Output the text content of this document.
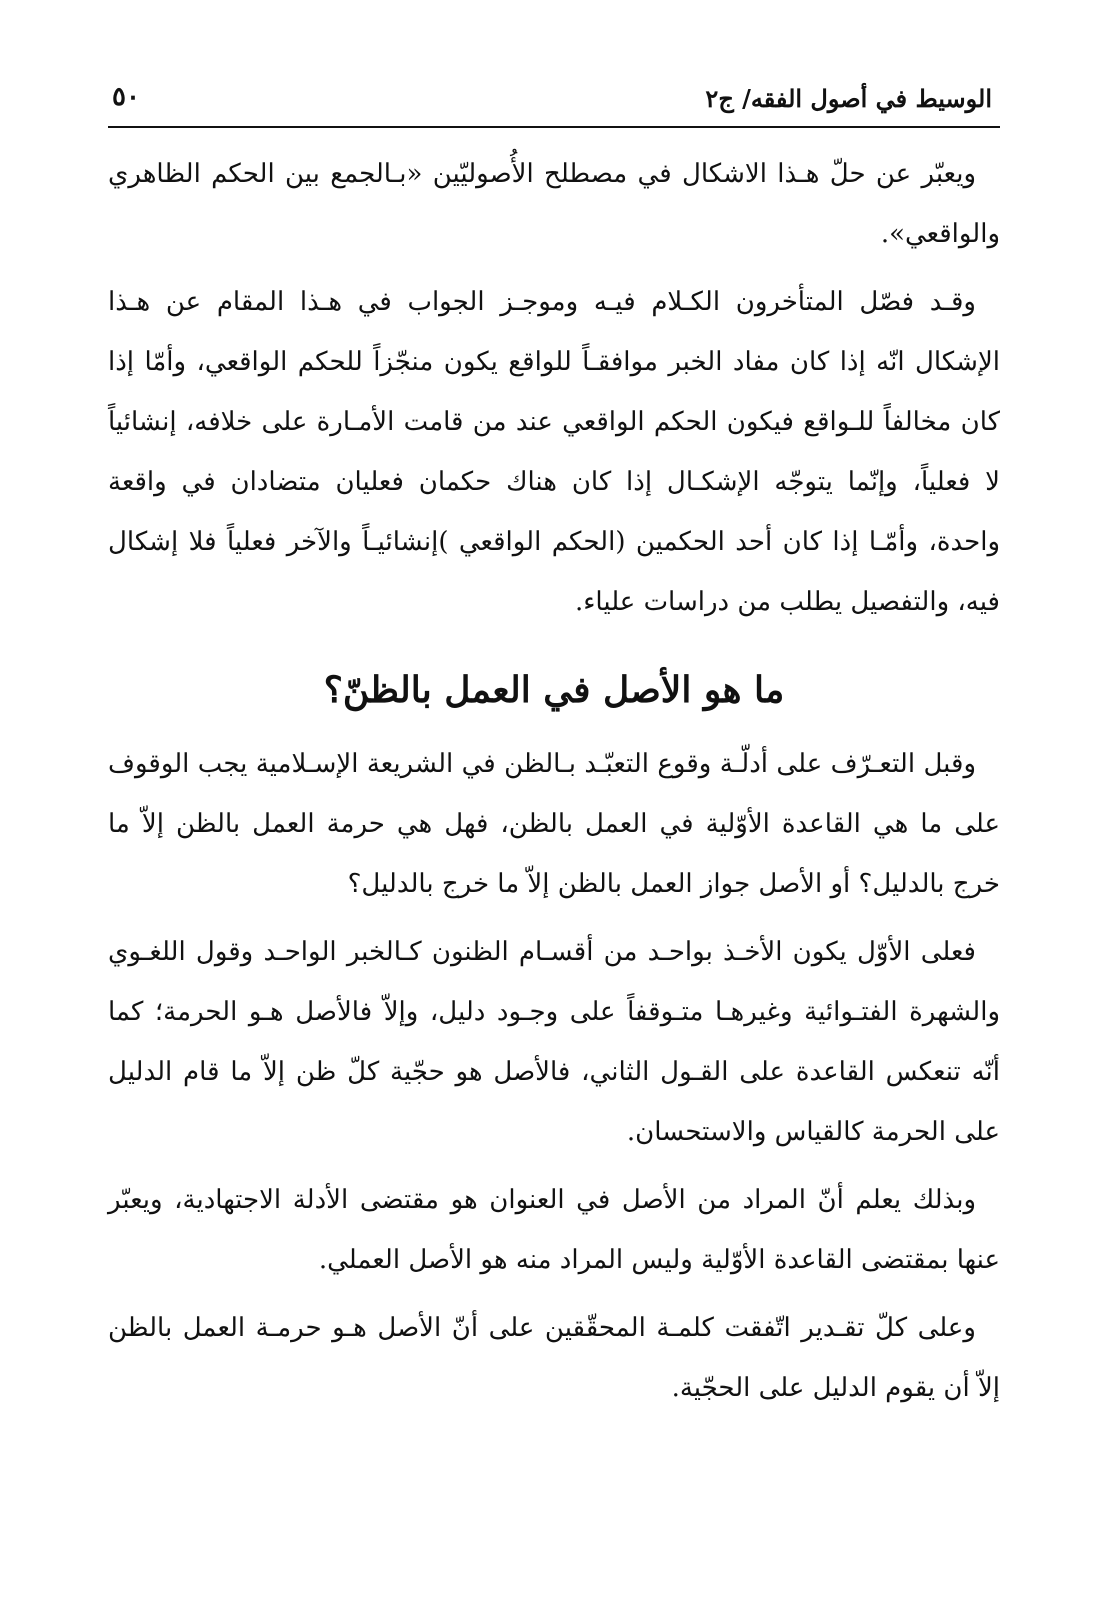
الوسيط في أصول الفقه/ ج٢
٥٠

ويعبّر عن حلّ هـذا الاشكال في مصطلح الأُصوليّين «بـالجمع بين الحكم الظاهري والواقعي».

وقـد فصّل المتأخرون الكـلام فيـه وموجـز الجواب في هـذا المقام عن هـذا الإشكال انّه إذا كان مفاد الخبر موافقـاً للواقع يكون منجّزاً للحكم الواقعي، وأمّا إذا كان مخالفاً للـواقع فيكون الحكم الواقعي عند من قامت الأمـارة على خلافه، إنشائياً لا فعلياً، وإنّما يتوجّه الإشكـال إذا كان هناك حكمان فعليان متضادان في واقعة واحدة، وأمّـا إذا كان أحد الحكمين (الحكم الواقعي )إنشائيـاً والآخر فعلياً فلا إشكال فيه، والتفصيل يطلب من دراسات علياء.

ما هو الأصل في العمل بالظنّ؟

وقبل التعـرّف على أدلّـة وقوع التعبّـد بـالظن في الشريعة الإسـلامية يجب الوقوف على ما هي القاعدة الأوّلية في العمل بالظن، فهل هي حرمة العمل بالظن إلاّ ما خرج بالدليل؟ أو الأصل جواز العمل بالظن إلاّ ما خرج بالدليل؟

فعلى الأوّل يكون الأخـذ بواحـد من أقسـام الظنون كـالخبر الواحـد وقول اللغـوي والشهرة الفتـوائية وغيرهـا متـوقفاً على وجـود دليل، وإلاّ فالأصل هـو الحرمة؛ كما أنّه تنعكس القاعدة على القـول الثاني، فالأصل هو حجّية كلّ ظن إلاّ ما قام الدليل على الحرمة كالقياس والاستحسان.

وبذلك يعلم أنّ المراد من الأصل في العنوان هو مقتضى الأدلة الاجتهادية، ويعبّر عنها بمقتضى القاعدة الأوّلية وليس المراد منه هو الأصل العملي.

وعلى كلّ تقـدير اتّفقت كلمـة المحقّقين على أنّ الأصل هـو حرمـة العمل بالظن إلاّ أن يقوم الدليل على الحجّية.
